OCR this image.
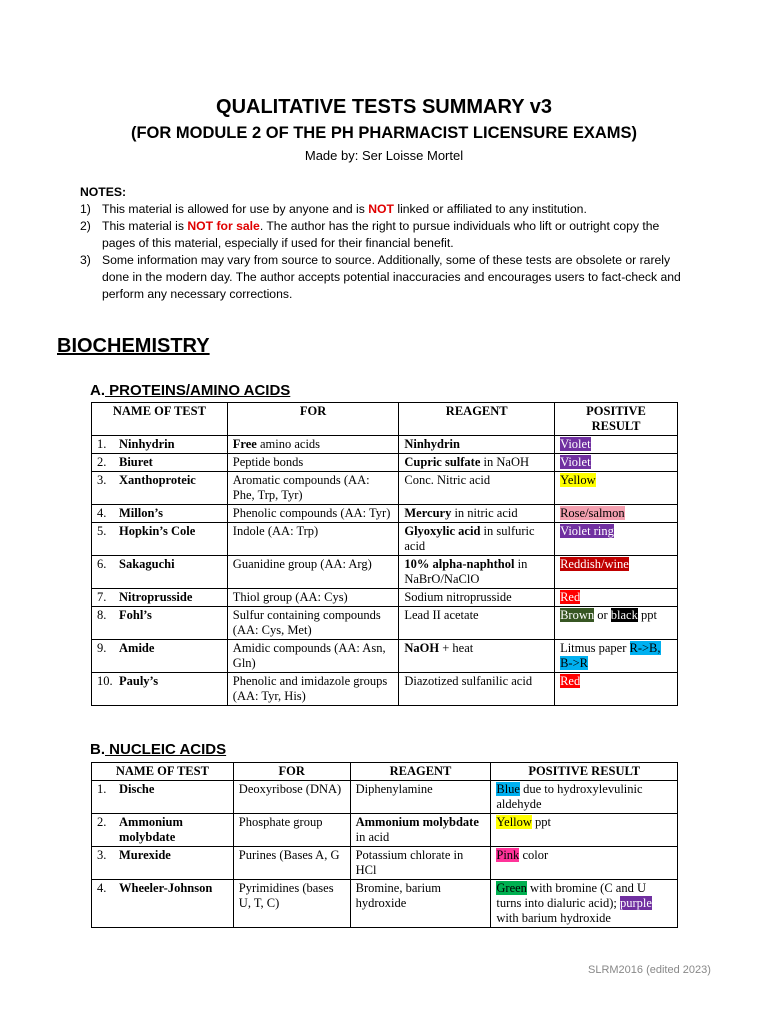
QUALITATIVE TESTS SUMMARY v3
(FOR MODULE 2 OF THE PH PHARMACIST LICENSURE EXAMS)
Made by: Ser Loisse Mortel
NOTES:
1) This material is allowed for use by anyone and is NOT linked or affiliated to any institution.
2) This material is NOT for sale. The author has the right to pursue individuals who lift or outright copy the pages of this material, especially if used for their financial benefit.
3) Some information may vary from source to source. Additionally, some of these tests are obsolete or rarely done in the modern day. The author accepts potential inaccuracies and encourages users to fact-check and perform any necessary corrections.
BIOCHEMISTRY
A. PROTEINS/AMINO ACIDS
NAME OF TEST	FOR	REAGENT	POSITIVE RESULT
1. Ninhydrin	Free amino acids	Ninhydrin	Violet
2. Biuret	Peptide bonds	Cupric sulfate in NaOH	Violet
3. Xanthoproteic	Aromatic compounds (AA: Phe, Trp, Tyr)	Conc. Nitric acid	Yellow
4. Millon’s	Phenolic compounds (AA: Tyr)	Mercury in nitric acid	Rose/salmon
5. Hopkin’s Cole	Indole (AA: Trp)	Glyoxylic acid in sulfuric acid	Violet ring
6. Sakaguchi	Guanidine group (AA: Arg)	10% alpha-naphthol in NaBrO/NaClO	Reddish/wine
7. Nitroprusside	Thiol group (AA: Cys)	Sodium nitroprusside	Red
8. Fohl’s	Sulfur containing compounds (AA: Cys, Met)	Lead II acetate	Brown or black ppt
9. Amide	Amidic compounds (AA: Asn, Gln)	NaOH + heat	Litmus paper R->B, B->R
10. Pauly’s	Phenolic and imidazole groups (AA: Tyr, His)	Diazotized sulfanilic acid	Red
B. NUCLEIC ACIDS
NAME OF TEST	FOR	REAGENT	POSITIVE RESULT
1. Dische	Deoxyribose (DNA)	Diphenylamine	Blue due to hydroxylevulinic aldehyde

2. Ammonium molybdate	Phosphate group	Ammonium molybdate in acid	Yellow ppt
3. Murexide	Purines (Bases A, G	Potassium chlorate in HCl	Pink color
4. Wheeler-Johnson	Pyrimidines (bases U, T, C)	Bromine, barium hydroxide	Green with bromine (C and U turns into dialuric acid); purple with barium hydroxide
SLRM2016 (edited 2023)
